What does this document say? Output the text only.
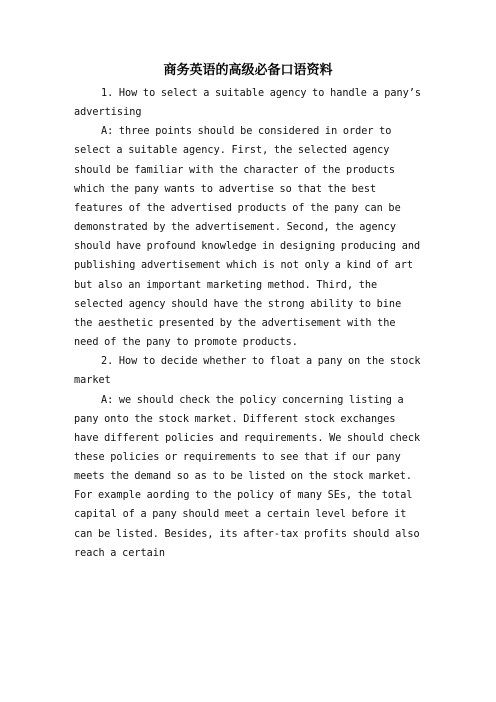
商务英语的高级必备口语资料

1. How to select a suitable agency to handle a pany’s advertising

A: three points should be considered in order to select a suitable agency. First, the selected agency should be familiar with the character of the products which the pany wants to advertise so that the best features of the advertised products of the pany can be demonstrated by the advertisement. Second, the agency should have profound knowledge in designing producing and publishing advertisement which is not only a kind of art but also an important marketing method. Third, the selected agency should have the strong ability to bine the aesthetic presented by the advertisement with the need of the pany to promote products.

2. How to decide whether to float a pany on the stock market

A: we should check the policy concerning listing a pany onto the stock market. Different stock exchanges have different policies and requirements. We should check these policies or requirements to see that if our pany meets the demand so as to be listed on the stock market. For example aording to the policy of many SEs, the total capital of a pany should meet a certain level before it can be listed. Besides, its after-tax profits should also reach a certain
